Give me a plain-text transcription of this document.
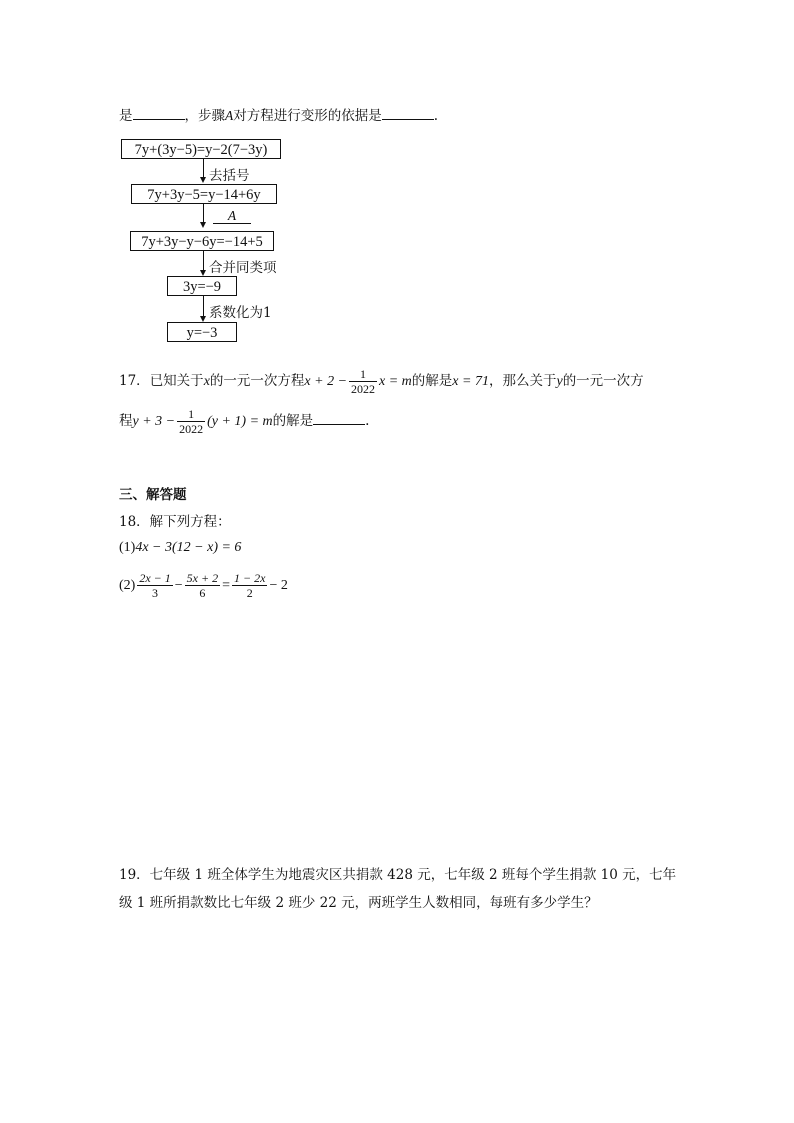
是	，步骤A对方程进行变形的依据是	.
7y+(3y−5)=y−2(7−3y)
去括号
7y+3y−5=y−14+6y
A
7y+3y−y−6y=−14+5
合并同类项
3y=−9
系数化为1
y=−3
17．已知关于x的一元一次方程$x + 2 - \frac{1}{2022}$ x = m的解是x = 71，那么关于y的一元一次方
程$y + 3 - \frac{1}{2022} (y + 1) = m$的解是	.
三、解答题
18．解下列方程：
(1)4x − 3(12 − x) = 6
$(2) \frac{2x - 1}{3} - \frac{5x + 2}{6} = \frac{1 - 2x}{2} - 2$
19．七年级 1 班全体学生为地震灾区共捐款 428 元，七年级 2 班每个学生捐款 10 元，七年
级 1 班所捐款数比七年级 2 班少 22 元，两班学生人数相同，每班有多少学生？
